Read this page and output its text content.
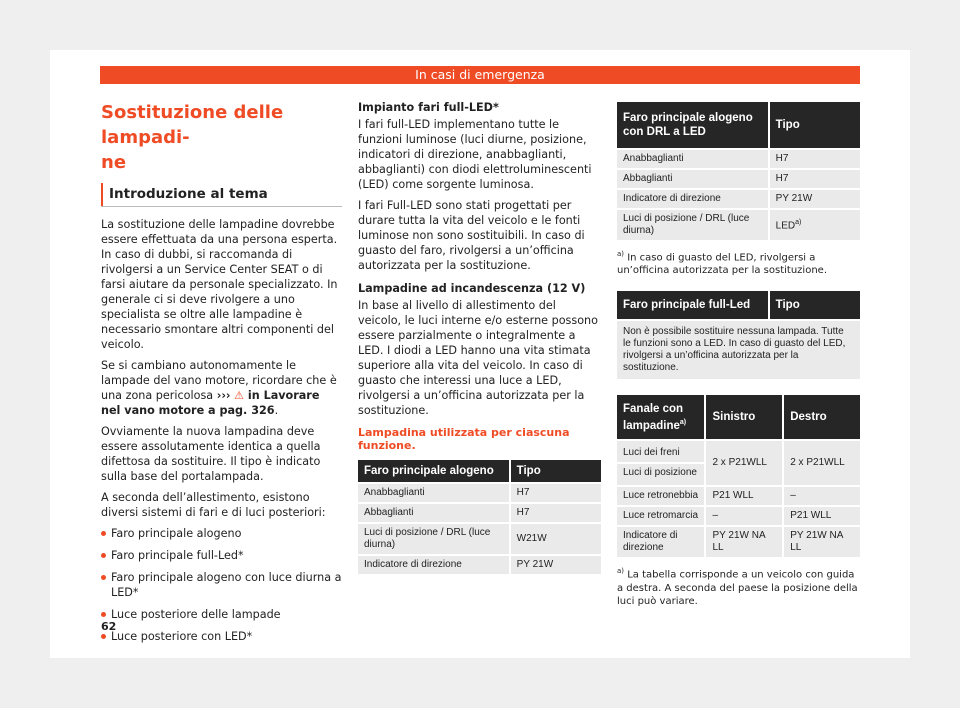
In casi di emergenza
Sostituzione delle lampadi-
ne
Introduzione al tema

La sostituzione delle lampadine dovrebbe essere effettuata da una persona esperta. In caso di dubbi, si raccomanda di rivolgersi a un Service Center SEAT o di farsi aiutare da personale specializzato. In generale ci si deve rivolgere a uno specialista se oltre alle lampadine è necessario smontare altri componenti del veicolo.

Se si cambiano autonomamente le lampade del vano motore, ricordare che è una zona pericolosa ››› ⚠ in Lavorare nel vano motore a pag. 326.

Ovviamente la nuova lampadina deve essere assolutamente identica a quella difettosa da sostituire. Il tipo è indicato sulla base del portalampada.

A seconda dell’allestimento, esistono diversi sistemi di fari e di luci posteriori:

Faro principale alogeno
Faro principale full-Led*
Faro principale alogeno con luce diurna a LED*
Luce posteriore delle lampade
Luce posteriore con LED*
Impianto fari full-LED*

I fari full-LED implementano tutte le funzioni luminose (luci diurne, posizione, indicatori di direzione, anabbaglianti, abbaglianti) con diodi elettroluminescenti (LED) come sorgente luminosa.

I fari Full-LED sono stati progettati per durare tutta la vita del veicolo e le fonti luminose non sono sostituibili. In caso di guasto del faro, rivolgersi a un’officina autorizzata per la sostituzione.

Lampadine ad incandescenza (12 V)

In base al livello di allestimento del veicolo, le luci interne e/o esterne possono essere parzialmente o integralmente a LED. I diodi a LED hanno una vita stimata superiore alla vita del veicolo. In caso di guasto che interessi una luce a LED, rivolgersi a un’officina autorizzata per la sostituzione.

Lampadina utilizzata per ciascuna funzione.
Faro principale alogeno	Tipo
Anabbaglianti	H7
Abbaglianti	H7
Luci di posizione / DRL (luce diurna)	W21W
Indicatore di direzione	PY 21W
Faro principale alogeno con DRL a LED	Tipo
Anabbaglianti	H7
Abbaglianti	H7
Indicatore di direzione	PY 21W
Luci di posizione / DRL (luce diurna)	LED$^{a)}$
$^{a)}$ In caso di guasto del LED, rivolgersi a un’officina autorizzata per la sostituzione.
Faro principale full-Led	Tipo
Non è possibile sostituire nessuna lampada. Tutte le funzioni sono a LED. In caso di guasto del LED, rivolgersi a un’officina autorizzata per la sostituzione.
Fanale con lampadine$^{a)}$	Sinistro	Destro
Luci dei freni	2 x P21WLL	2 x P21WLL
Luci di posizione		
Luce retronebbia	P21 WLL	–
Luce retromarcia	–	P21 WLL
Indicatore di direzione	PY 21W NA LL	PY 21W NA LL
$^{a)}$ La tabella corrisponde a un veicolo con guida a destra. A seconda del paese la posizione della luci può variare.
62
